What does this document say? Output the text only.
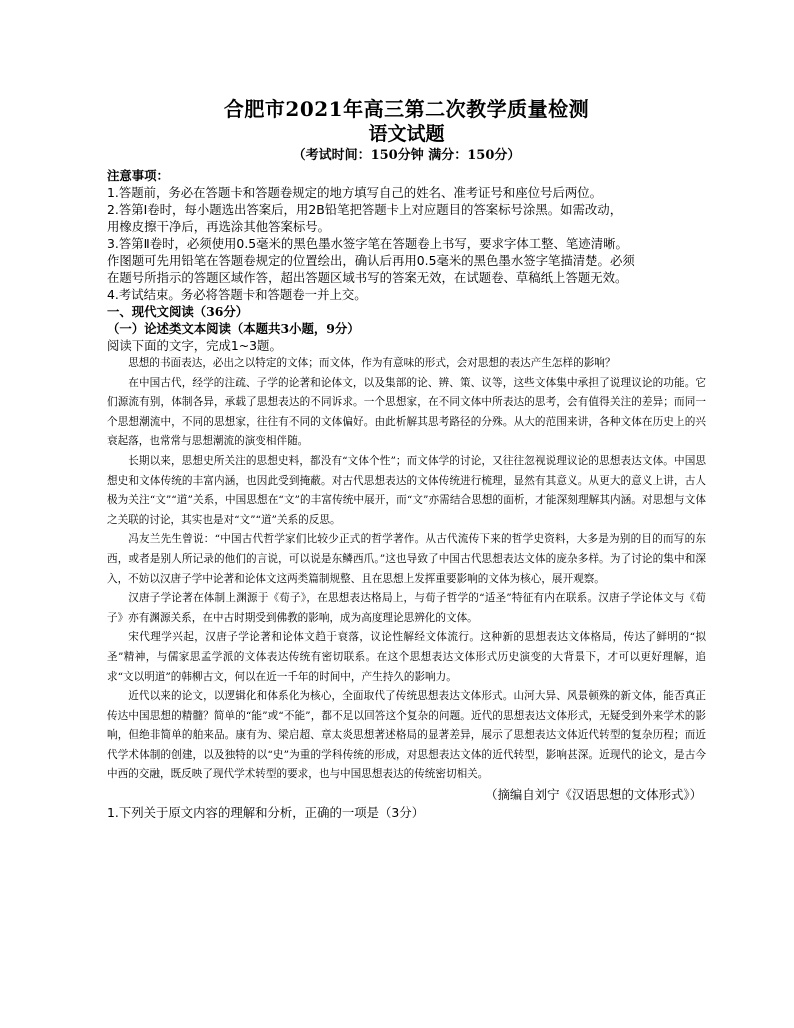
合肥市2021年高三第二次教学质量检测
语文试题

（考试时间：150分钟 满分：150分）

注意事项：

1.答题前，务必在答题卡和答题卷规定的地方填写自己的姓名、准考证号和座位号后两位。

2.答第Ⅰ卷时，每小题选出答案后，用2B铅笔把答题卡上对应题目的答案标号涂黑。如需改动，

用橡皮擦干净后，再选涂其他答案标号。

3.答第Ⅱ卷时，必须使用0.5毫米的黑色墨水签字笔在答题卷上书写，要求字体工整、笔迹清晰。

作图题可先用铅笔在答题卷规定的位置绘出，确认后再用0.5毫米的黑色墨水签字笔描清楚。必须

在题号所指示的答题区域作答，超出答题区域书写的答案无效，在试题卷、草稿纸上答题无效。

4.考试结束。务必将答题卡和答题卷一并上交。

一、现代文阅读（36分）

（一）论述类文本阅读（本题共3小题，9分）

阅读下面的文字，完成1~3题。

思想的书面表达，必出之以特定的文体；而文体，作为有意味的形式，会对思想的表达产生怎样的影响？

在中国古代，经学的注疏、子学的论著和论体文，以及集部的论、辨、策、议等，这些文体集中承担了说理议论的功能。它们源流有别，体制各异，承载了思想表达的不同诉求。一个思想家，在不同文体中所表达的思考，会有值得关注的差异；而同一个思想潮流中，不同的思想家，往往有不同的文体偏好。由此析解其思考路径的分殊。从大的范围来讲，各种文体在历史上的兴衰起落，也常常与思想潮流的演变相伴随。

长期以来，思想史所关注的思想史料，都没有“文体个性”；而文体学的讨论，又往往忽视说理议论的思想表达文体。中国思想史和文体传统的丰富内涵，也因此受到掩蔽。对古代思想表达的文体传统进行梳理，显然有其意义。从更大的意义上讲，古人极为关注“文”“道”关系，中国思想在“文”的丰富传统中展开，而“文”亦需结合思想的面析，才能深刻理解其内涵。对思想与文体之关联的讨论，其实也是对“文”“道”关系的反思。

冯友兰先生曾说：“中国古代哲学家们比较少正式的哲学著作。从古代流传下来的哲学史资料，大多是为别的目的而写的东西，或者是别人所记录的他们的言说，可以说是东鳞西爪。”这也导致了中国古代思想表达文体的庞杂多样。为了讨论的集中和深入，不妨以汉唐子学中论著和论体文这两类篇制规整、且在思想上发挥重要影响的文体为核心，展开观察。

汉唐子学论著在体制上渊源于《荀子》，在思想表达格局上，与荀子哲学的“适圣”特征有内在联系。汉唐子学论体文与《荀子》亦有渊源关系，在中古时期受到佛教的影响，成为高度理论思辨化的文体。

宋代理学兴起，汉唐子学论著和论体文趋于衰落，议论性解经文体流行。这种新的思想表达文体格局，传达了鲜明的“拟圣”精神，与儒家思孟学派的文体表达传统有密切联系。在这个思想表达文体形式历史演变的大背景下，才可以更好理解，追求“文以明道”的韩柳古文，何以在近一千年的时间中，产生持久的影响力。

近代以来的论文，以逻辑化和体系化为核心，全面取代了传统思想表达文体形式。山河大异、风景顿殊的新文体，能否真正传达中国思想的精髓？简单的“能”或“不能”，都不足以回答这个复杂的问题。近代的思想表达文体形式，无疑受到外来学术的影响，但绝非简单的舶来品。康有为、梁启超、章太炎思想著述格局的显著差异，展示了思想表达文体近代转型的复杂历程；而近代学术体制的创建，以及独特的以“史”为重的学科传统的形成，对思想表达文体的近代转型，影响甚深。近现代的论文，是古今中西的交融，既反映了现代学术转型的要求，也与中国思想表达的传统密切相关。

（摘编自刘宁《汉语思想的文体形式》）

1.下列关于原文内容的理解和分析，正确的一项是（3分）
